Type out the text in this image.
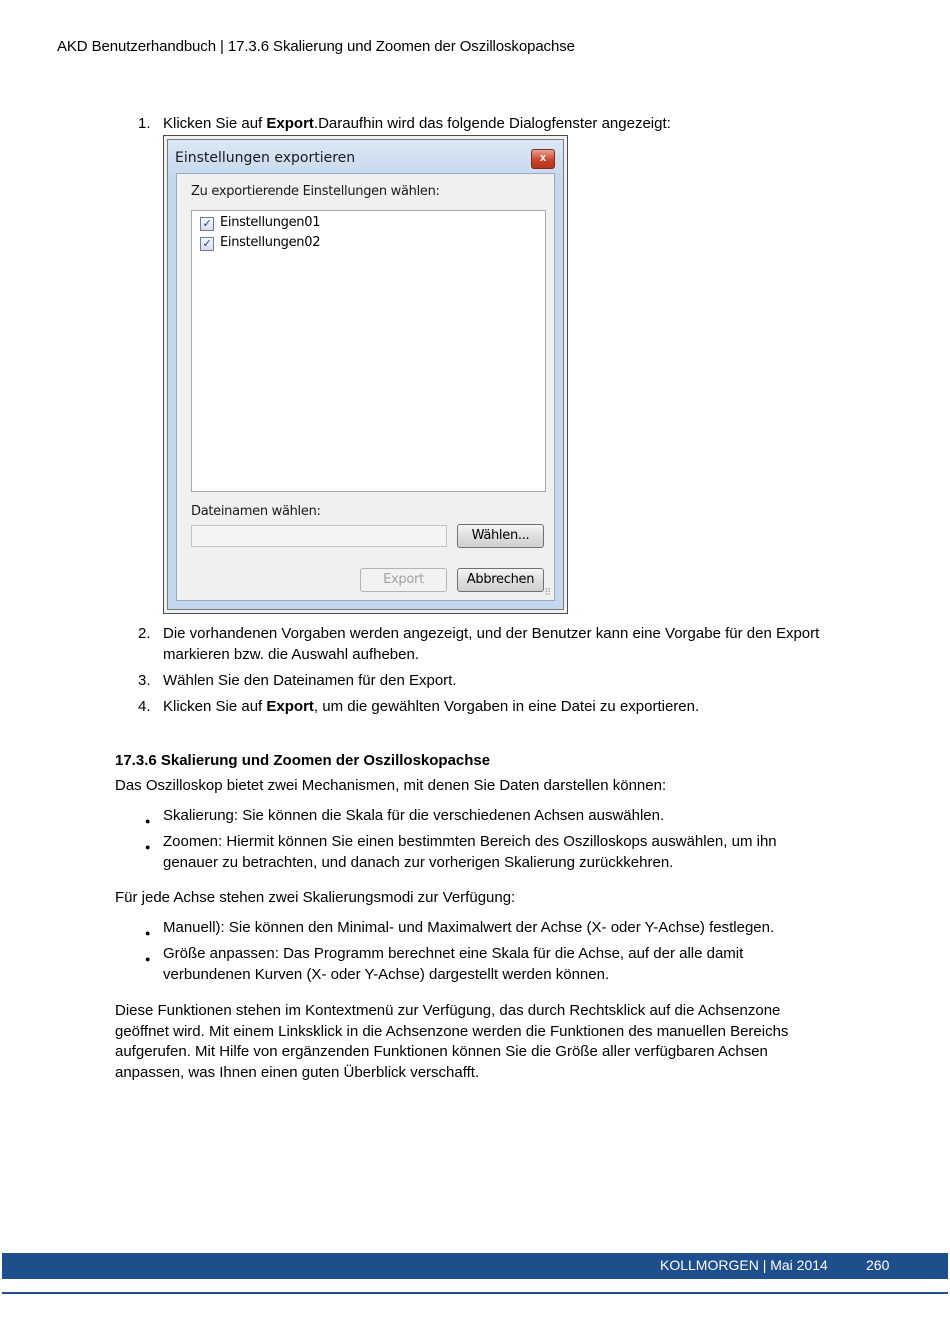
AKD Benutzerhandbuch | 17.3.6 Skalierung und Zoomen der Oszilloskopachse
1. Klicken Sie auf Export.Daraufhin wird das folgende Dialogfenster angezeigt:
Einstellungen exportieren	x
Zu exportierende Einstellungen wählen:
✓ Einstellungen01
✓ Einstellungen02
Dateinamen wählen:
Wählen...
Export	Abbrechen
⠿
2. Die vorhandenen Vorgaben werden angezeigt, und der Benutzer kann eine Vorgabe für den Export markieren bzw. die Auswahl aufheben.
3. Wählen Sie den Dateinamen für den Export.
4. Klicken Sie auf Export, um die gewählten Vorgaben in eine Datei zu exportieren.
17.3.6 Skalierung und Zoomen der Oszilloskopachse
Das Oszilloskop bietet zwei Mechanismen, mit denen Sie Daten darstellen können:
● Skalierung: Sie können die Skala für die verschiedenen Achsen auswählen.
● Zoomen: Hiermit können Sie einen bestimmten Bereich des Oszilloskops auswählen, um ihn genauer zu betrachten, und danach zur vorherigen Skalierung zurückkehren.
Für jede Achse stehen zwei Skalierungsmodi zur Verfügung:
● Manuell): Sie können den Minimal- und Maximalwert der Achse (X- oder Y-Achse) festlegen.
● Größe anpassen: Das Programm berechnet eine Skala für die Achse, auf der alle damit verbundenen Kurven (X- oder Y-Achse) dargestellt werden können.
Diese Funktionen stehen im Kontextmenü zur Verfügung, das durch Rechtsklick auf die Achsenzone geöffnet wird. Mit einem Linksklick in die Achsenzone werden die Funktionen des manuellen Bereichs aufgerufen. Mit Hilfe von ergänzenden Funktionen können Sie die Größe aller verfügbaren Achsen anpassen, was Ihnen einen guten Überblick verschafft.
KOLLMORGEN | Mai 2014	260
